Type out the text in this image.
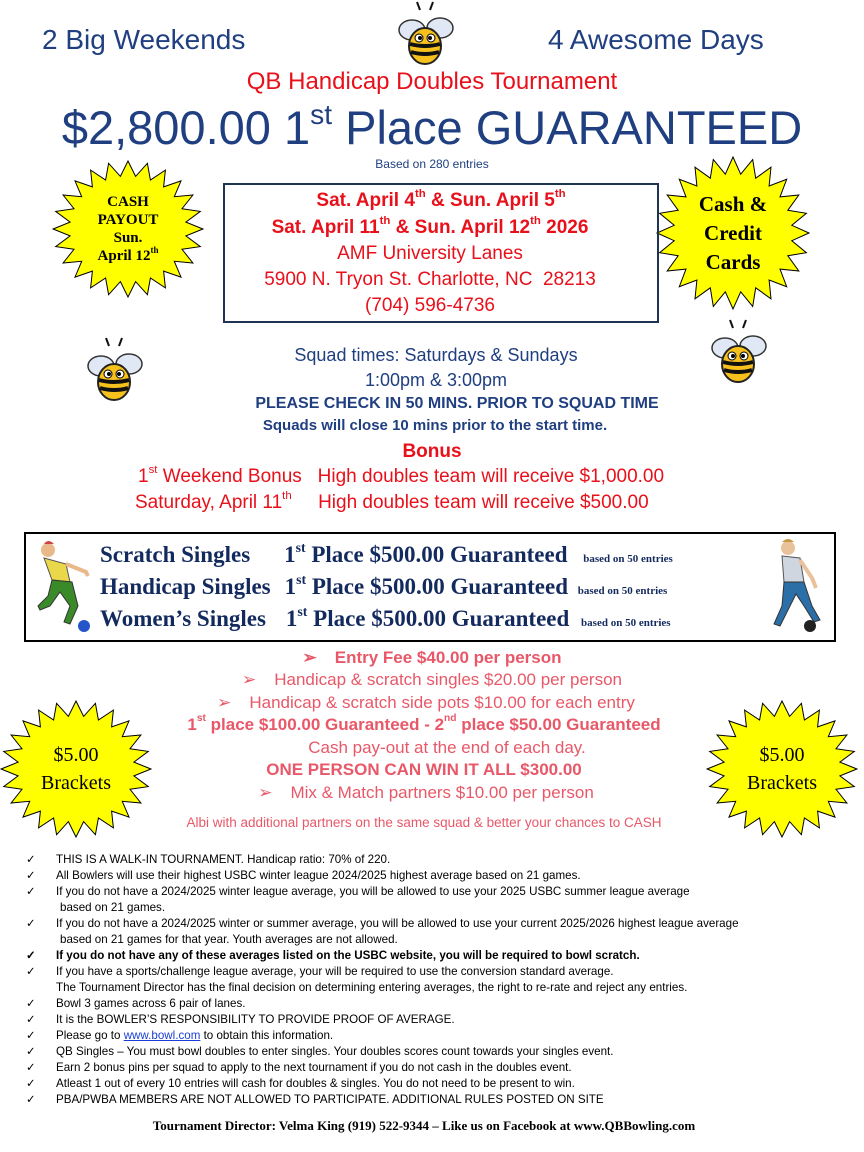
2 Big Weekends	4 Awesome Days
QB Handicap Doubles Tournament
$2,800.00 1st Place GUARANTEED
Based on 280 entries
CASH
PAYOUT
Sun.
April 12th
Cash &
Credit
Cards
Sat. April 4th & Sun. April 5th
Sat. April 11th & Sun. April 12th 2026
AMF University Lanes
5900 N. Tryon St. Charlotte, NC  28213
(704) 596-4736
Squad times: Saturdays & Sundays
1:00pm & 3:00pm
PLEASE CHECK IN 50 MINS. PRIOR TO SQUAD TIME
Squads will close 10 mins prior to the start time.
Bonus
1st Weekend Bonus   High doubles team will receive $1,000.00
Saturday, April 11th     High doubles team will receive $500.00
Scratch Singles 1st Place $500.00 Guaranteed based on 50 entries
Handicap Singles 1st Place $500.00 Guaranteed based on 50 entries
Women’s Singles 1st Place $500.00 Guaranteed based on 50 entries
➢ Entry Fee $40.00 per person
➢ Handicap & scratch singles $20.00 per person
➢ Handicap & scratch side pots $10.00 for each entry
1st place $100.00 Guaranteed - 2nd place $50.00 Guaranteed
Cash pay-out at the end of each day.
ONE PERSON CAN WIN IT ALL $300.00
➢ Mix & Match partners $10.00 per person
Albi with additional partners on the same squad & better your chances to CASH
$5.00
Brackets
$5.00
Brackets
✓ THIS IS A WALK-IN TOURNAMENT. Handicap ratio: 70% of 220.
✓ All Bowlers will use their highest USBC winter league 2024/2025 highest average based on 21 games.
✓ If you do not have a 2024/2025 winter league average, you will be allowed to use your 2025 USBC summer league average
based on 21 games.
✓ If you do not have a 2024/2025 winter or summer average, you will be allowed to use your current 2025/2026 highest league average
based on 21 games for that year. Youth averages are not allowed.
✓ If you do not have any of these averages listed on the USBC website, you will be required to bowl scratch.
✓ If you have a sports/challenge league average, your will be required to use the conversion standard average.
The Tournament Director has the final decision on determining entering averages, the right to re-rate and reject any entries.
✓ Bowl 3 games across 6 pair of lanes.
✓ It is the BOWLER’S RESPONSIBILITY TO PROVIDE PROOF OF AVERAGE.
✓ Please go to www.bowl.com to obtain this information.
✓ QB Singles – You must bowl doubles to enter singles. Your doubles scores count towards your singles event.
✓ Earn 2 bonus pins per squad to apply to the next tournament if you do not cash in the doubles event.
✓ Atleast 1 out of every 10 entries will cash for doubles & singles. You do not need to be present to win.
✓ PBA/PWBA MEMBERS ARE NOT ALLOWED TO PARTICIPATE. ADDITIONAL RULES POSTED ON SITE
Tournament Director: Velma King (919) 522-9344 – Like us on Facebook at www.QBBowling.com
